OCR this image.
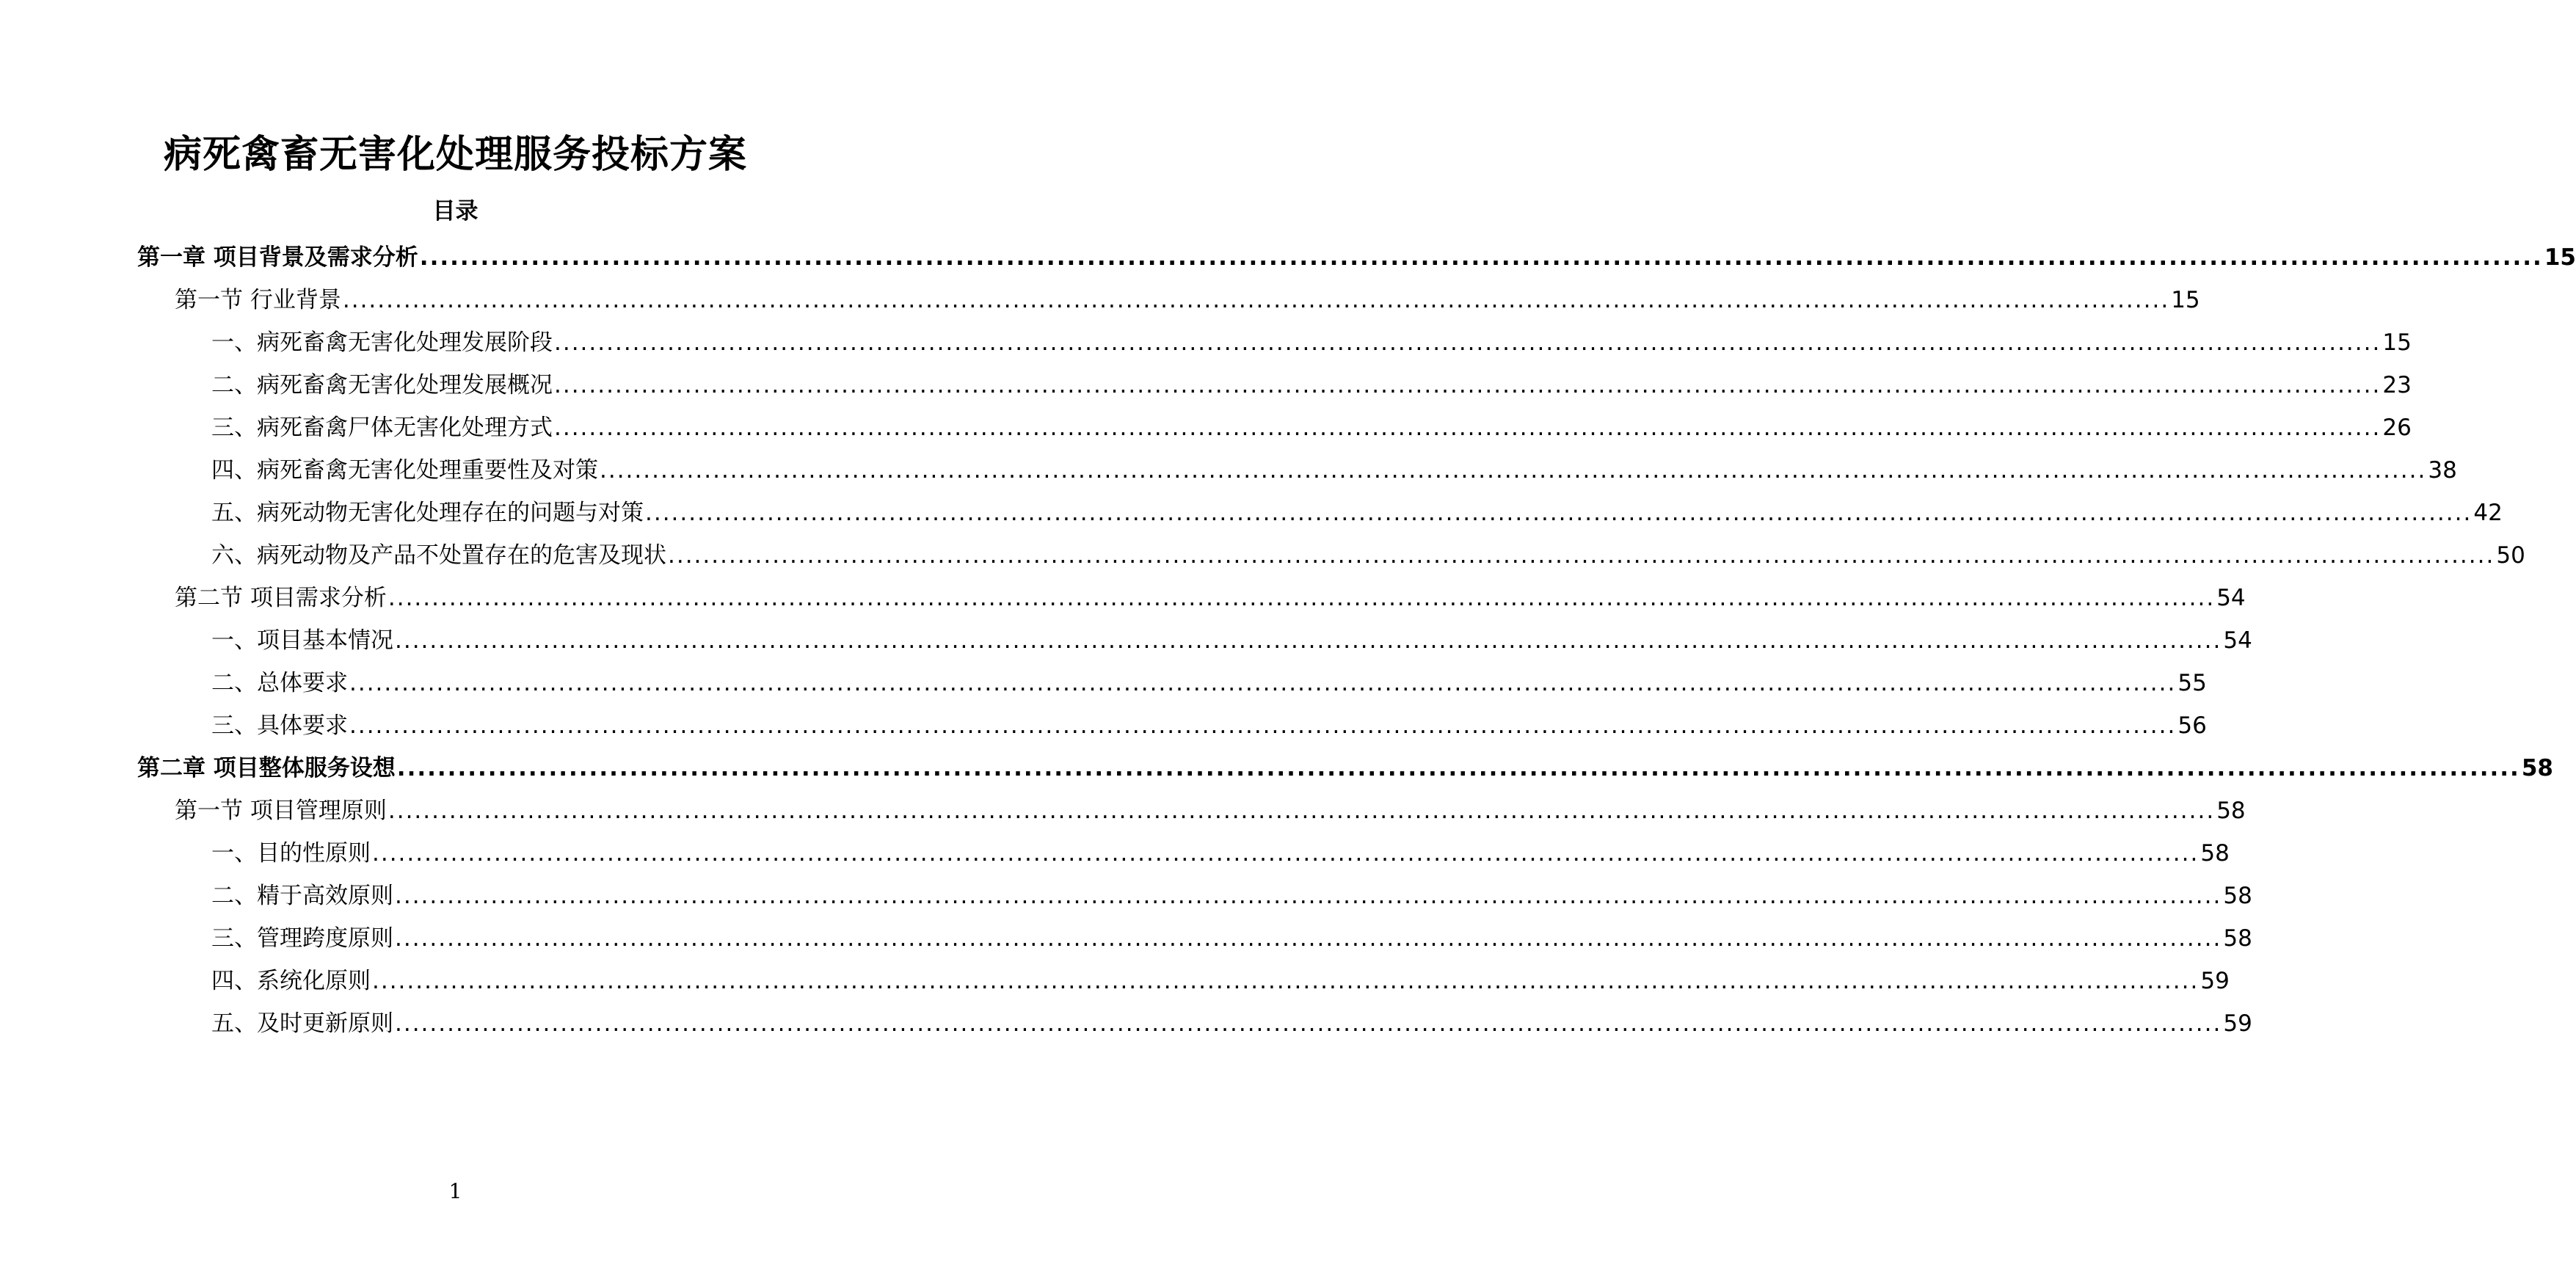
病死禽畜无害化处理服务投标方案
目录
第一章 项目背景及需求分析 .................................................................................................................................................................................................................. 15
第一节 行业背景 .................................................................................................................................................................................................................. 15
一、病死畜禽无害化处理发展阶段 .................................................................................................................................................................................................................. 15
二、病死畜禽无害化处理发展概况 .................................................................................................................................................................................................................. 23
三、病死畜禽尸体无害化处理方式 .................................................................................................................................................................................................................. 26
四、病死畜禽无害化处理重要性及对策 .................................................................................................................................................................................................................. 38
五、病死动物无害化处理存在的问题与对策 .................................................................................................................................................................................................................. 42
六、病死动物及产品不处置存在的危害及现状 .................................................................................................................................................................................................................. 50
第二节 项目需求分析 .................................................................................................................................................................................................................. 54
一、项目基本情况 .................................................................................................................................................................................................................. 54
二、总体要求 .................................................................................................................................................................................................................. 55
三、具体要求 .................................................................................................................................................................................................................. 56
第二章 项目整体服务设想 .................................................................................................................................................................................................................. 58
第一节 项目管理原则 .................................................................................................................................................................................................................. 58
一、目的性原则 .................................................................................................................................................................................................................. 58
二、精于高效原则 .................................................................................................................................................................................................................. 58
三、管理跨度原则 .................................................................................................................................................................................................................. 58
四、系统化原则 .................................................................................................................................................................................................................. 59
五、及时更新原则 .................................................................................................................................................................................................................. 59
1
